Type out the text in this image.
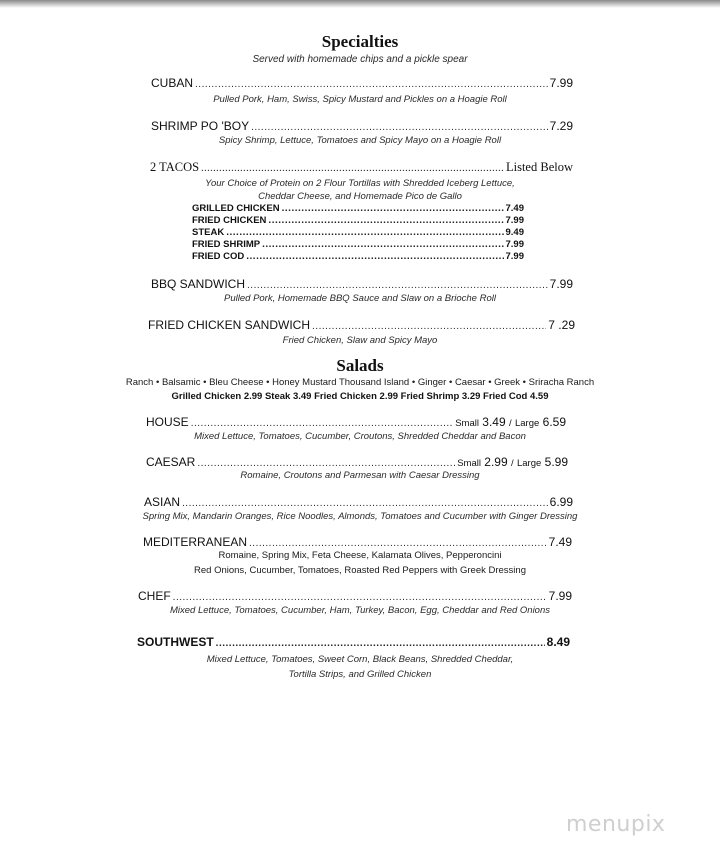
Specialties
Served with homemade chips and a pickle spear
CUBAN .....	7.99
Pulled Pork, Ham, Swiss, Spicy Mustard and Pickles on a Hoagie Roll
SHRIMP PO 'BOY .....	7.29
Spicy Shrimp, Lettuce, Tomatoes and Spicy Mayo on a Hoagie Roll
2 TACOS .....	Listed Below
Your Choice of Protein on 2 Flour Tortillas with Shredded Iceberg Lettuce,
Cheddar Cheese, and Homemade Pico de Gallo
GRILLED CHICKEN .....	7.49
FRIED CHICKEN .....	7.99
STEAK .....	9.49
FRIED SHRIMP .....	7.99
FRIED COD .....	7.99
BBQ SANDWICH .....	7.99
Pulled Pork, Homemade BBQ Sauce and Slaw on a Brioche Roll
FRIED CHICKEN SANDWICH .....	7 .29
Fried Chicken, Slaw and Spicy Mayo
Salads
Ranch • Balsamic • Bleu Cheese • Honey Mustard Thousand Island • Ginger • Caesar • Greek • Sriracha Ranch
Grilled Chicken 2.99 Steak 3.49 Fried Chicken 2.99 Fried Shrimp 3.29 Fried Cod 4.59
HOUSE .....	Small 3.49 / Large 6.59
Mixed Lettuce, Tomatoes, Cucumber, Croutons, Shredded Cheddar and Bacon
CAESAR .....	Small 2.99 / Large 5.99
Romaine, Croutons and Parmesan with Caesar Dressing
ASIAN .....	6.99
Spring Mix, Mandarin Oranges, Rice Noodles, Almonds, Tomatoes and Cucumber with Ginger Dressing
MEDITERRANEAN .....	7.49
Romaine, Spring Mix, Feta Cheese, Kalamata Olives, Pepperoncini
Red Onions, Cucumber, Tomatoes, Roasted Red Peppers with Greek Dressing
CHEF .....	7.99
Mixed Lettuce, Tomatoes, Cucumber, Ham, Turkey, Bacon, Egg, Cheddar and Red Onions
SOUTHWEST .....	8.49
Mixed Lettuce, Tomatoes, Sweet Corn, Black Beans, Shredded Cheddar,
Tortilla Strips, and Grilled Chicken
menupix
